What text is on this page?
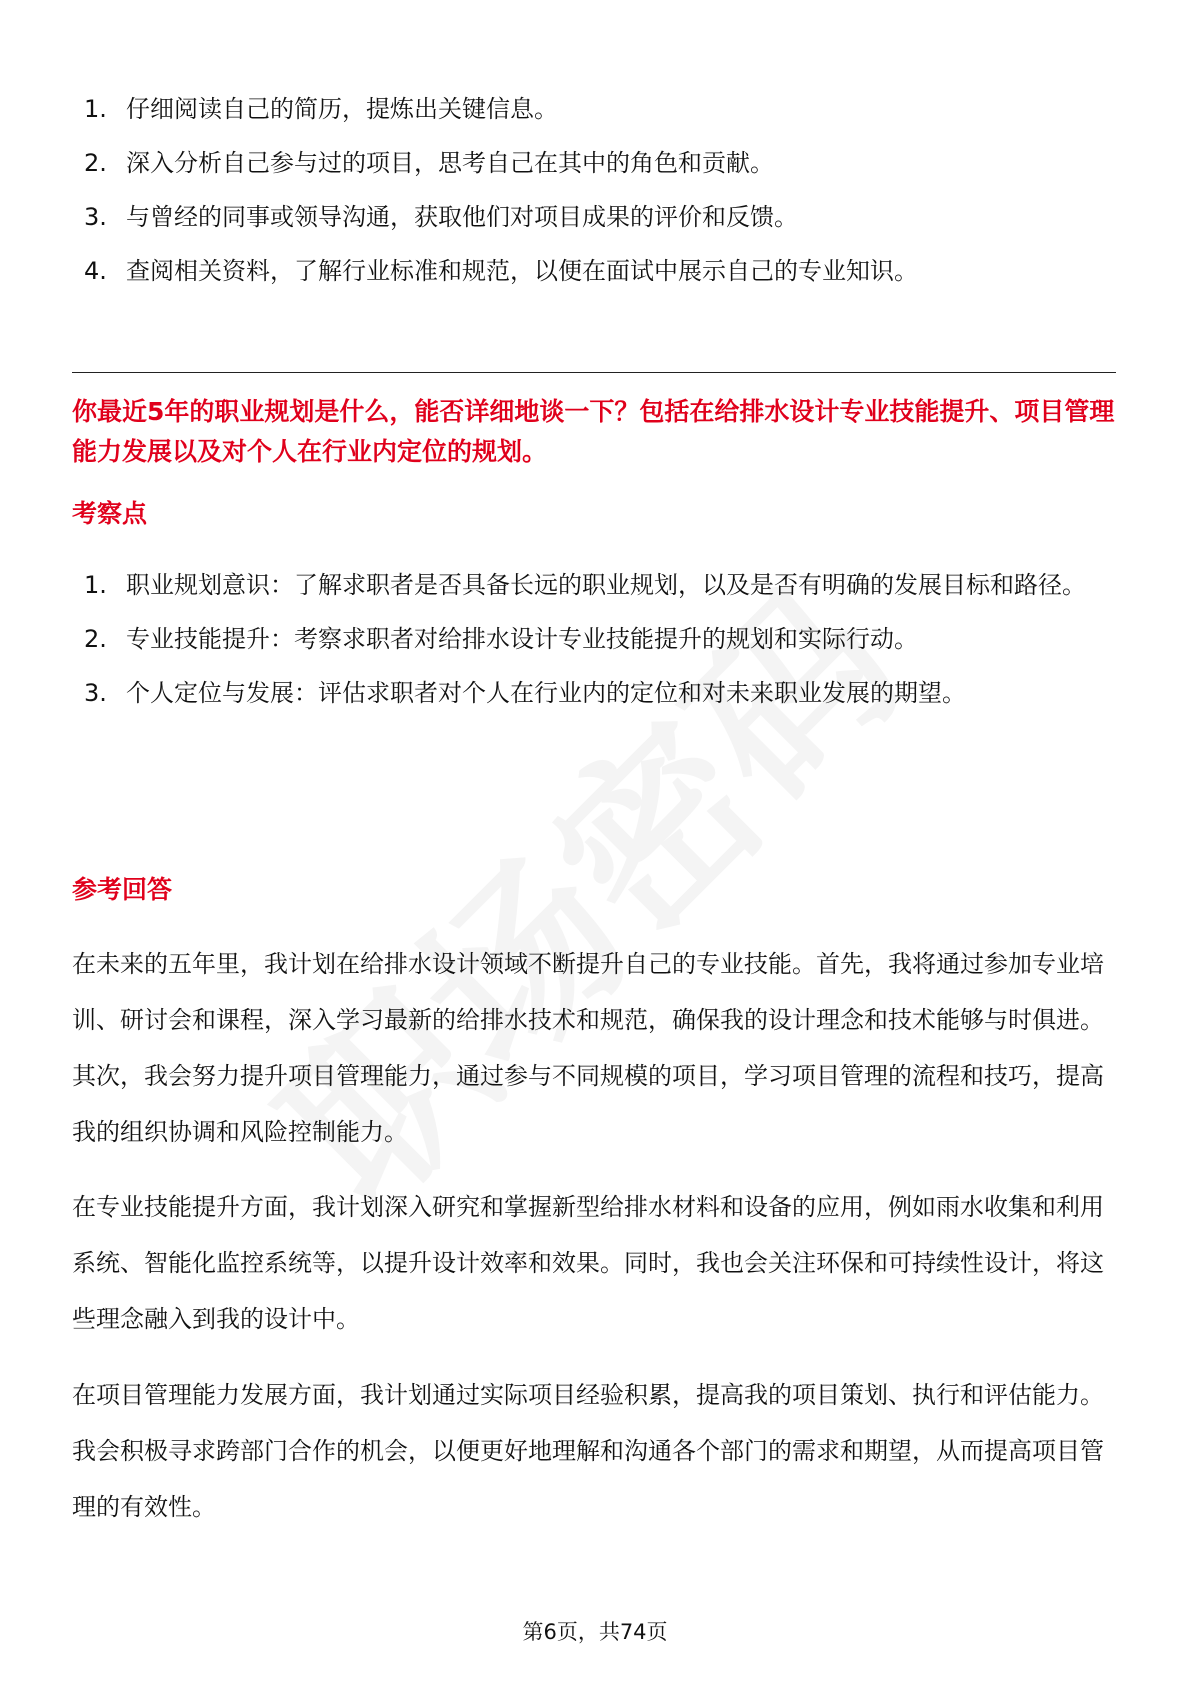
1. 仔细阅读自己的简历，提炼出关键信息。
2. 深入分析自己参与过的项目，思考自己在其中的角色和贡献。
3. 与曾经的同事或领导沟通，获取他们对项目成果的评价和反馈。
4. 查阅相关资料，了解行业标准和规范，以便在面试中展示自己的专业知识。
你最近5年的职业规划是什么，能否详细地谈一下？包括在给排水设计专业技能提升、项目管理能力发展以及对个人在行业内定位的规划。
考察点
1. 职业规划意识：了解求职者是否具备长远的职业规划，以及是否有明确的发展目标和路径。
2. 专业技能提升：考察求职者对给排水设计专业技能提升的规划和实际行动。
3. 个人定位与发展：评估求职者对个人在行业内的定位和对未来职业发展的期望。
参考回答

在未来的五年里，我计划在给排水设计领域不断提升自己的专业技能。首先，我将通过参加专业培训、研讨会和课程，深入学习最新的给排水技术和规范，确保我的设计理念和技术能够与时俱进。其次，我会努力提升项目管理能力，通过参与不同规模的项目，学习项目管理的流程和技巧，提高我的组织协调和风险控制能力。

在专业技能提升方面，我计划深入研究和掌握新型给排水材料和设备的应用，例如雨水收集和利用系统、智能化监控系统等，以提升设计效率和效果。同时，我也会关注环保和可持续性设计，将这些理念融入到我的设计中。

在项目管理能力发展方面，我计划通过实际项目经验积累，提高我的项目策划、执行和评估能力。我会积极寻求跨部门合作的机会，以便更好地理解和沟通各个部门的需求和期望，从而提高项目管理的有效性。

第6页，共74页
